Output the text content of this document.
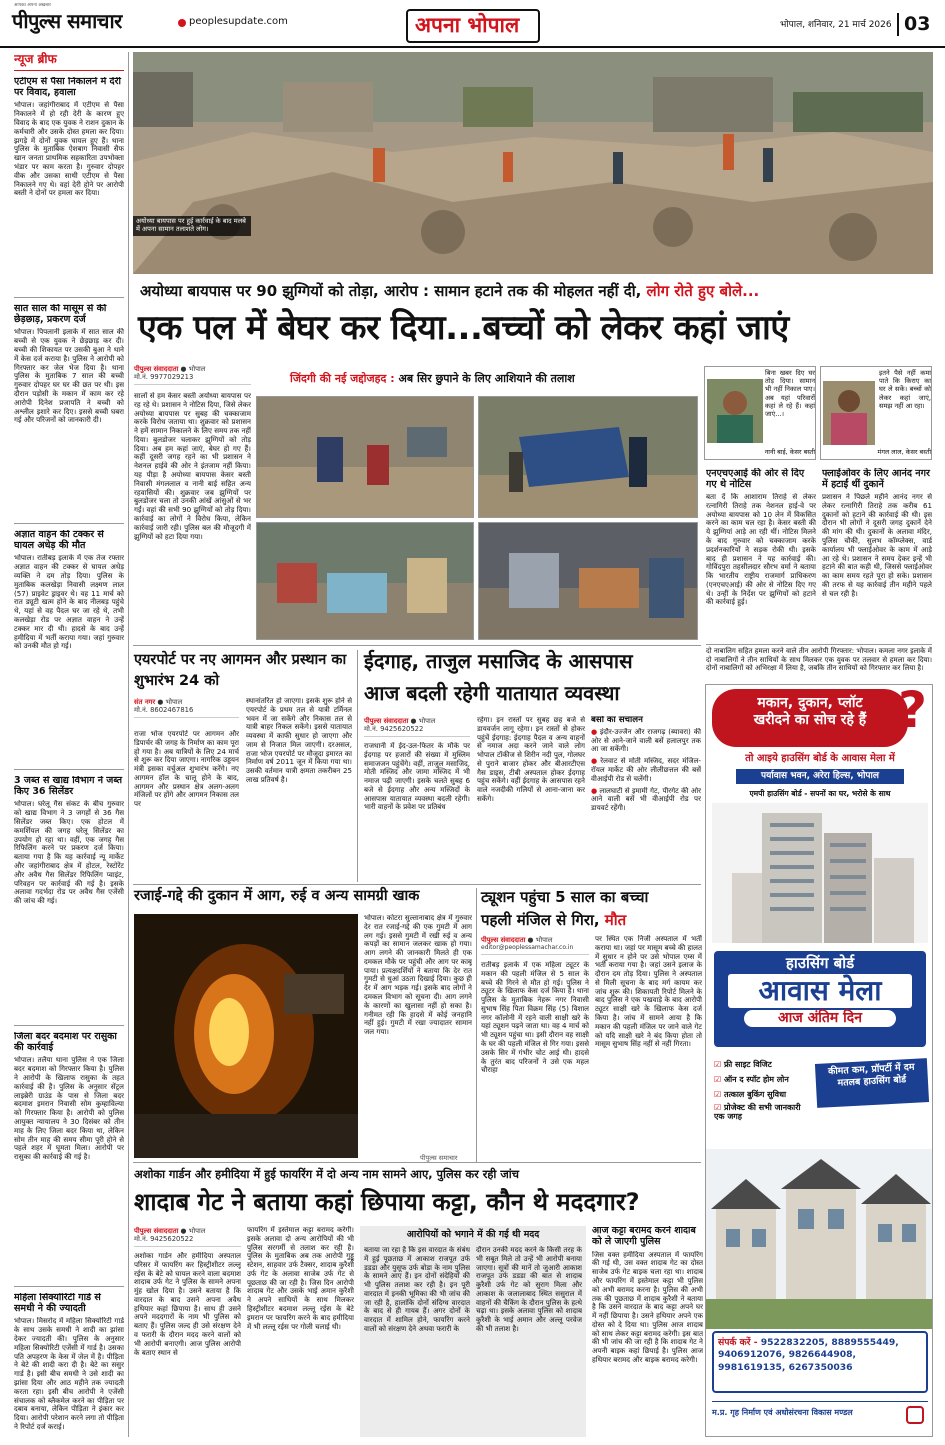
आपका अपना अखबार
पीपुल्स समाचार	peoplesupdate.com	अपना भोपाल	भोपाल, शनिवार, 21 मार्च 2026 03
न्यूज ब्रीफ
एटीएम से पैसा निकालने में देरी पर विवाद, हवाला
भोपाल। जहांगीराबाद में एटीएम से पैसा निकालने में हो रही देरी के कारण हुए विवाद के बाद एक युवक ने राशन दुकान के कर्मचारी और उसके दोस्त हमला कर दिया। झगड़े में दोनों युवक घायल हुए हैं। थाना पुलिस के मुताबिक ऐशबाग निवासी सैफ खान जनता प्राथमिक सहकारिता उपभोक्ता भंडार पर काम करता है। गुरुवार दोपहर वीक और उसका साथी एटीएम से पैसा निकालने गए थे। वहां देरी होने पर आरोपी बस्ती ने दोनों पर हमला कर दिया।
सात साल की मासूम से की छेड़छाड़, प्रकरण दर्ज
भोपाल। पिपलानी इलाके में सात साल की बच्ची से एक युवक ने छेड़छाड़ कर दी। बच्ची की शिकायत पर उसकी बुआ ने थाने में केस दर्ज कराया है। पुलिस ने आरोपी को गिरफ्तार कर जेल भेज दिया है। थाना पुलिस के मुताबिक 7 साल की बच्ची गुरुवार दोपहर घर घर की छत पर थी। इस दौरान पड़ोसी के मकान में काम कर रहे आरोपी दिनेश प्रजापति ने बच्ची को अश्लील इशारे कर दिए। इससे बच्ची घबरा गई और परिजनों को जानकारी दी।
अज्ञात वाहन की टक्कर से घायल अधेड़ की मौत
भोपाल। रातीबड़ इलाके में एक तेज रफ्तार अज्ञात वाहन की टक्कर से घायल अधेड़ व्यक्ति ने दम तोड़ दिया। पुलिस के मुताबिक कलखेड़ा निवासी लक्ष्मण लाल (57) प्राइवेट ड्राइवर थे। वह 11 मार्च को रात ड्यूटी खत्म होने के बाद नीलबड़ पहुंचे थे, यहां से वह पैदल घर जा रहे थे, तभी कलखेड़ा रोड पर अज्ञात वाहन ने उन्हें टक्कर मार दी थी। हादसे के बाद उन्हें हमीदिया में भर्ती कराया गया। जहां गुरुवार को उनकी मौत हो गई।
3 जब्त से खाद्य विभाग ने जब्त किए 36 सिलेंडर
भोपाल। घरेलू गैस संकट के बीच गुरुवार को खाद्य विभाग ने 3 जगहों से 36 गैस सिलेंडर जब्त किए। एक होटल में कमर्शियल की जगह घरेलू सिलेंडर का उपयोग हो रहा था। वहीं, एक जगह गैस रिफिलिंग करने पर प्रकरण दर्ज किया। बताया गया है कि यह कार्रवाई न्यू मार्केट और जहांगीराबाद क्षेत्र में होटल, रेस्टोरेंट और अवैध गैस सिलेंडर रिफिलिंग प्वाइंट, परिवहन पर कार्रवाई की गई है। इसके अलावा गदर्भदा रोड पर अवैध गैस एजेंसी की जांच की गई।
जिला बदर बदमाश पर रासुका की कार्रवाई
भोपाल। तलैया थाना पुलिस ने एक जिला बदर बदमाश को गिरफ्तार किया है। पुलिस ने आरोपी के खिलाफ रासुका के तहत कार्रवाई की है। पुलिस के अनुसार सेंट्रल लाइब्रेरी ग्राउंड के पास से जिला बदर बदमाश इमरान निवासी सोम कुम्हाविल्या को गिरफ्तार किया है। आरोपी को पुलिस आयुक्त न्यायालय ने 30 दिसंबर को तीन माह के लिए जिला बदर किया था, लेकिन सोम तीन माह की समय सीमा पूरी होने से पहले शहर में घूमता मिला। आरोपी पर रासुका की कार्रवाई की गई है।
महिला सिक्योरिटी गार्ड से समधी ने की ज्यादती
भोपाल। मिसरोद में महिला सिक्योरिटी गार्ड के साथ उसके समधी ने शादी का झांसा देकर ज्यादती की। पुलिस के अनुसार महिला सिक्योरिटी एजेंसी में गार्ड है। उसका पति अपहरण के केस में जेल में है। पीड़िता ने बेटे की शादी करा दी है। बेटे का ससुर गार्ड है। इसी बीच समधी ने उसे शादी का झांसा दिया और आठ महीने तक ज्यादती करता रहा। इसी बीच आरोपी ने एजेंसी संचालक को ब्लैकमेल करने का पीड़िता पर दबाव बनाया, लेकिन पीड़िता ने इंकार कर दिया। आरोपी परेशान करने लगा तो पीड़िता ने रिपोर्ट दर्ज कराई।
अयोध्या बायपास पर हुई कार्रवाई के बाद मलबे में अपना सामान तलाशते लोग।
अयोध्या बायपास पर 90 झुग्गियों को तोड़ा, आरोप : सामान हटाने तक की मोहलत नहीं दी, लोग रोते हुए बोले...
एक पल में बेघर कर दिया...बच्चों को लेकर कहां जाएं
पीपुल्स संवाददाता ● भोपाल
मो.नं. 9977029213	जिंदगी की नई जद्दोजहद : अब सिर छुपाने के लिए आशियाने की तलाश
सालों से हम केसर बस्ती अयोध्या बायपास पर रह रहे थे। प्रशासन ने नोटिस दिया, जिसे लेकर अयोध्या बायपास पर सुबह की चक्काजाम करके विरोध जताया था। शुक्रवार को प्रशासन ने हमें सामान निकालने के लिए समय तक नहीं दिया। बुलडोजर चलाकर झुग्गियों को तोड़ दिया। अब हम कहां जाएं, बेघर हो गए हैं। कहीं दूसरी जगह रहने का भी प्रशासन ने नेशनल हाईवे की ओर ने इंतजाम नहीं किया। यह पीड़ा है अयोध्या बायपास केसर बस्ती निवासी मंगललाल व नानी बाई सहित अन्य रहवासियों की। शुक्रवार जब झुग्गियों पर बुलडोजर चला तो उनकी आंखें आंसुओं से भर गईं। वहां की सभी 90 झुग्गियों को तोड़ दिया। कार्रवाई का लोगों ने विरोध किया, लेकिन कार्रवाई जारी रही। पुलिस बल की मौजूदगी में झुग्गियों को हटा दिया गया।
बिना खबर दिए घर तोड़ दिया। सामान भी नहीं निकाल पाए। अब यहां परिवारों कहां ले रहे हैं। कहां जाएं...।
नानी बाई, केसर बस्ती
इतने पैसे नहीं कमा पाते कि किराए का घर ले सकें। बच्चों को लेकर कहां जाएं, समझ नहीं आ रहा।
मंगल लाल, केसर बस्ती
एनएचएआई की ओर से दिए गए थे नोटिस
बता दें कि आशाराम तिराहे से लेकर रत्नागिरी तिराहे तक नेशनल हाई-वे पर अयोध्या बायपास को 10 लेन में विकसित करने का काम चल रहा है। केसर बस्ती की ये झुग्गियां आड़े आ रही थीं। नोटिस मिलने के बाद गुरुवार को चक्काजाम करके प्रदर्शनकारियों ने सड़क रोकी थी। इसके बाद ही प्रशासन ने यह कार्रवाई की। गोविंदपुरा तहसीलदार सौरभ वर्मा ने बताया कि भारतीय राष्ट्रीय राजमार्ग प्राधिकरण (एनएचएआई) की ओर से नोटिस दिए गए थे। उन्हीं के निर्देश पर झुग्गियों को हटाने की कार्रवाई हुई।
फ्लाईओवर के लिए आनंद नगर में हटाईं थीं दुकानें
प्रशासन ने पिछले महीने आनंद नगर से लेकर रत्नागिरी तिराहे तक करीब 61 दुकानों को हटाने की कार्रवाई की थी। इस दौरान भी लोगों ने दूसरी जगह दुकानें देने की मांग की थी। दुकानों के अलावा मंदिर, पुलिस चौकी, सुलभ कॉम्प्लेक्स, वार्ड कार्यालय भी फ्लाईओवर के काम में आड़े आ रहे थे। प्रशासन ने समय देकर इन्हें भी हटाने की बात कही थी, जिससे फ्लाईओवर का काम समय रहते पूरा हो सके। प्रशासन की तरफ से यह कार्रवाई तीन महीने पहले से चल रही है।
दो नाबालिग सहित हमला करने वाले तीन आरोपी गिरफ्तार: भोपाल। कमला नगर इलाके में दो नाबालिगों ने तीन साथियों के साथ मिलकर एक युवक पर तलवार से हमला कर दिया। दोनों नाबालिगों को अभिरक्षा में लिया है, जबकि तीन साथियों को गिरफ्तार कर लिया है।
एयरपोर्ट पर नए आगमन और प्रस्थान का शुभारंभ 24 को
संत नगर ● भोपाल
मो.नं. 8602467816
राजा भोज एयरपोर्ट पर आगमन और डिपार्चर की जगह के निर्माण का काम पूरा हो गया है। अब यात्रियों के लिए 24 मार्च से शुरू कर दिया जाएगा। नागरिक उड्डयन मंत्री इसका वर्चुअल शुभारंभ करेंगे। नए आगमन हॉल के चालू होने के बाद, आगमन और प्रस्थान क्षेत्र अलग-अलग मंजिलों पर होंगे और आगमन निकास तल पर
स्थानांतरित हो जाएगा। इसके शुरू होने से एयरपोर्ट के प्रथम तल से यात्री टर्मिनल भवन में जा सकेंगे और निकास तल से यात्री बाहर निकल सकेंगे। इससे यातायात व्यवस्था में काफी सुधार हो जाएगा और जाम से निजात मिल जाएगी। दरअसल, राजा भोज एयरपोर्ट पर मौजूदा इमारत का निर्माण वर्ष 2011 जून में किया गया था। उसकी वर्तमान यात्री क्षमता तकरीबन 25 लाख प्रतिवर्ष है।
ईदगाह, ताजुल मसाजिद के आसपास
आज बदली रहेगी यातायात व्यवस्था
पीपुल्स संवाददाता ● भोपाल
मो.नं. 9425620522
राजधानी में ईद-उल-फितर के मौके पर ईदगाह पर हजारों की संख्या में मुस्लिम समाजजन पहुंचेंगे। वहीं, ताजुल मसाजिद, मोती मस्जिद और जामा मस्जिद में भी नमाज पढ़ी जाएगी। इसके चलते सुबह 6 बजे से ईदगाह और अन्य मस्जिदों के आसपास यातायात व्यवस्था बदली रहेगी। भारी वाहनों के प्रवेश पर प्रतिबंध
रहेगा। इन रास्तों पर सुबह छह बजे से डायवर्जन लागू रहेगा। इन रास्तों से होकर पहुंचें ईदगाह: ईदगाह पैदल व अन्य वाहनों से नमाज अदा करने जाने वाले लोग भोपाल टॉकीज से शिरीन नदी पुल, गोलघर से पुराने बाजार होकर और बीआरटीएस गैस डाइस, टीबी अस्पताल होकर ईदगाह पहुंच सकेंगे। वहीं ईदगाह के आसपास रहने वाले नजदीकी गलियों से आना-जाना कर सकेंगे।
बसों का संचालन
● इंदौर-उज्जैन और राजगढ़ (ब्यावरा) की ओर से आने-जाने वाली बसें हलालपुर तक आ जा सकेंगी।
● रेलवाट से मोती मस्जिद, सदर मंजिल-रॉयल मार्केट की ओर लीलीछत्तल की बसें वीआईपी रोड से चलेंगी।
● लालघाटी से इमामी गेट, पीरगेट की ओर आने वाली बसें भी वीआईपी रोड पर डायवर्ट रहेंगी।
रजाई-गद्दे की दुकान में आग, रुई व अन्य सामग्री खाक
भोपाल। कोटरा सुल्तानाबाद क्षेत्र में गुरुवार देर रात रजाई-गद्दे की एक गुमटी में आग लग गई। इससे गुमटी में रखी रुई व अन्य कपड़ों का सामान जलकर खाक हो गया। आग लगने की जानकारी मिलते ही एक दमकल मौके पर पहुंची और आग पर काबू पाया। प्रत्यक्षदर्शियों ने बताया कि देर रात गुमटी से धुआं उठता दिखाई दिया। कुछ ही देर में आग भड़क गई। इसके बाद लोगों ने दमकल विभाग को सूचना दी। आग लगने के कारणों का खुलासा नहीं हो सका है। गनीमत रही कि हादसे में कोई जनहानि नहीं हुई। गुमटी में रखा ज्यादातर सामान जल गया।
पीपुल्स समाचार
ट्यूशन पहुंचा 5 साल का बच्चा
पहली मंजिल से गिरा, मौत
पीपुल्स संवाददाता ● भोपाल
editor@peoplessamachar.co.in
रातीबड़ इलाके में एक महिला ट्यूटर के मकान की पहली मंजिल से 5 साल के बच्चे की गिरने से मौत हो गई। पुलिस ने ट्यूटर के खिलाफ केस दर्ज किया है। थाना पुलिस के मुताबिक नेहरू नगर निवासी सुभाष सिंह पिता विक्रम सिंह (5) विशाल नगर कॉलोनी में रहने वाली साक्षी खरे के यहां ट्यूशन पढ़ने जाता था। वह 4 मार्च को भी ट्यूशन पहुंचा था। इसी दौरान वह साक्षी के घर की पहली मंजिल से गिर गया। इससे उसके सिर में गंभीर चोट आई थी। हादसे के तुरंत बाद परिजनों ने उसे एक महल चौराहा
पर स्थित एक निजी अस्पताल में भर्ती कराया था। जहां पर मासूम बच्चे की हालत में सुधार न होने पर उसे भोपाल एम्स में भर्ती कराया गया है। जहां उसने इलाज के दौरान दम तोड़ दिया। पुलिस ने अस्पताल से मिली सूचना के बाद मर्ग कायम कर जांच शुरू की। शिकायती रिपोर्ट मिलने के बाद पुलिस ने एक पखवाड़े के बाद आरोपी ट्यूटर साक्षी खरे के खिलाफ केस दर्ज किया है। जांच में सामने आया है कि मकान की पहली मंजिल पर जाने वाले गेट को यदि साक्षी खरे ने बंद किया होता तो मासूम सुभाष सिंह नहीं से नहीं गिरता।
अशोका गार्डन और हमीदिया में हुई फायरिंग में दो अन्य नाम सामने आए, पुलिस कर रही जांच
शादाब गेट ने बताया कहां छिपाया कट्टा, कौन थे मददगार?
पीपुल्स संवाददाता ● भोपाल
मो.नं. 9425620522
अशोका गार्डन और हमीदिया अस्पताल परिसर में फायरिंग कर हिस्ट्रीशीटर लल्लू रईस के बेटे को घायल करने वाला बदमाश शादाब उर्फ गेट ने पुलिस के सामने अपना मुंह खोल दिया है। उसने बताया है कि वारदात के बाद उसने अपना अवैध हथियार कहां छिपाया है। साथ ही उसने अपने मददगारों के नाम भी पुलिस को बताए हैं। पुलिस जल्द ही उसे संरक्षण देने व फरारी के दौरान मदद करने वालों को भी आरोपी बनाएगी। आज पुलिस आरोपी के बताए स्थान से
फायरिंग में इस्तेमाल कट्टा बरामद करेगी। इसके अलावा दो अन्य आरोपियों की भी पुलिस सरगर्मी से तलाश कर रही है। पुलिस के मुताबिक अब तक आरोपी गुड्डू स्टेशन, साहवार उर्फ टैक्सर, शादाब कुरैशी उर्फ गेट के अलावा साजेब उर्फ गेट से पूछताछ की जा रही है। जिस दिन आरोपी शादाब गेट और उसके भाई अमान कुरैशी ने अपने साथियों के साथ मिलकर हिस्ट्रीशीटर बदमाश लल्लू रईस के बेटे इमरान पर फायरिंग करने के बाद हमीदिया में भी लल्लू रईस पर गोली चलाई थी।
आरोपियों को भगाने में की गई थी मदद
बताया जा रहा है कि इस वारदात के संबंध में हुई पूछताछ में आकाश राजपूत उर्फ डडडा और युसूफ उर्फ बोडा के नाम पुलिस के सामने आए हैं। इन दोनों संदेहियों की भी पुलिस तलाश कर रही है। इन पूरी वारदात में इनकी भूमिका की भी जांच की जा रही है, हालांकि दोनों संदिग्ध वारदात के बाद से ही गायब हैं। अगर दोनों के वारदात में शामिल होने, फायरिंग करने वालों को संरक्षण देने अथवा फरारी के
दौरान उनकी मदद करने के किसी तरह के भी सबूत मिले तो उन्हें भी आरोपी बनाया जाएगा। सूत्रों की मानें तो जुआरी आकाश राजपूत उर्फ डडडा की बात से शादाब कुरैशी उर्फ गेट को सुराग मिला और आकाश के जलालाबाद स्थित ससुराल में वाहनों की चैकिंग के दौरान पुलिस के हत्थे चढ़ा था। इसके अलावा पुलिस को शादाब कुरैशी के भाई अमान और अल्लू परवेज की भी तलाश है।
आज कट्टा बरामद करने शादाब को ले जाएगी पुलिस
जिस वक्त हमीदिया अस्पताल में फायरिंग की गई थी, उस वक्त शादाब गेट का दोस्त साजेब उर्फ गेट बाइक चला रहा था। शादाब और फायरिंग में इस्तेमाल कट्टा भी पुलिस को अभी बरामद करना है। पुलिस की अभी तक की पूछताछ में शादाब कुरैशी ने बताया है कि उसने वारदात के बाद कट्टा अपने घर में नहीं छिपाया है। उसने हथियार अपने एक दोस्त को दे दिया था। पुलिस आज शादाब को साथ लेकर कट्टा बरामद करेगी। इस बात की भी जांच की जा रही है कि शादाब गेट ने अपनी बाइक कहां छिपाई है। पुलिस आज हथियार बरामद और बाइक बरामद करेगी।
मकान, दुकान, प्लॉट
खरीदने का सोच रहे हैं ?
तो आइये हाउसिंग बोर्ड के आवास मेला में
पर्यावास भवन, अरेरा हिल्स, भोपाल
एमपी हाउसिंग बोर्ड - सपनों का घर, भरोसे के साथ
हाउसिंग बोर्ड
आवास मेला
आज अंतिम दिन
☑ फ्री साइट विजिट
☑ ऑन द स्पॉट होम लोन
☑ तत्काल बुकिंग सुविधा
☑ प्रोजेक्ट की सभी जानकारी एक जगह
कीमत कम, प्रॉपर्टी में दम मतलब हाउसिंग बोर्ड
संपर्क करें - 9522832205, 8889555449, 9406912076, 9826644908, 9981619135, 6267350036
म.प्र. गृह निर्माण एवं अधोसंरचना विकास मण्डल
